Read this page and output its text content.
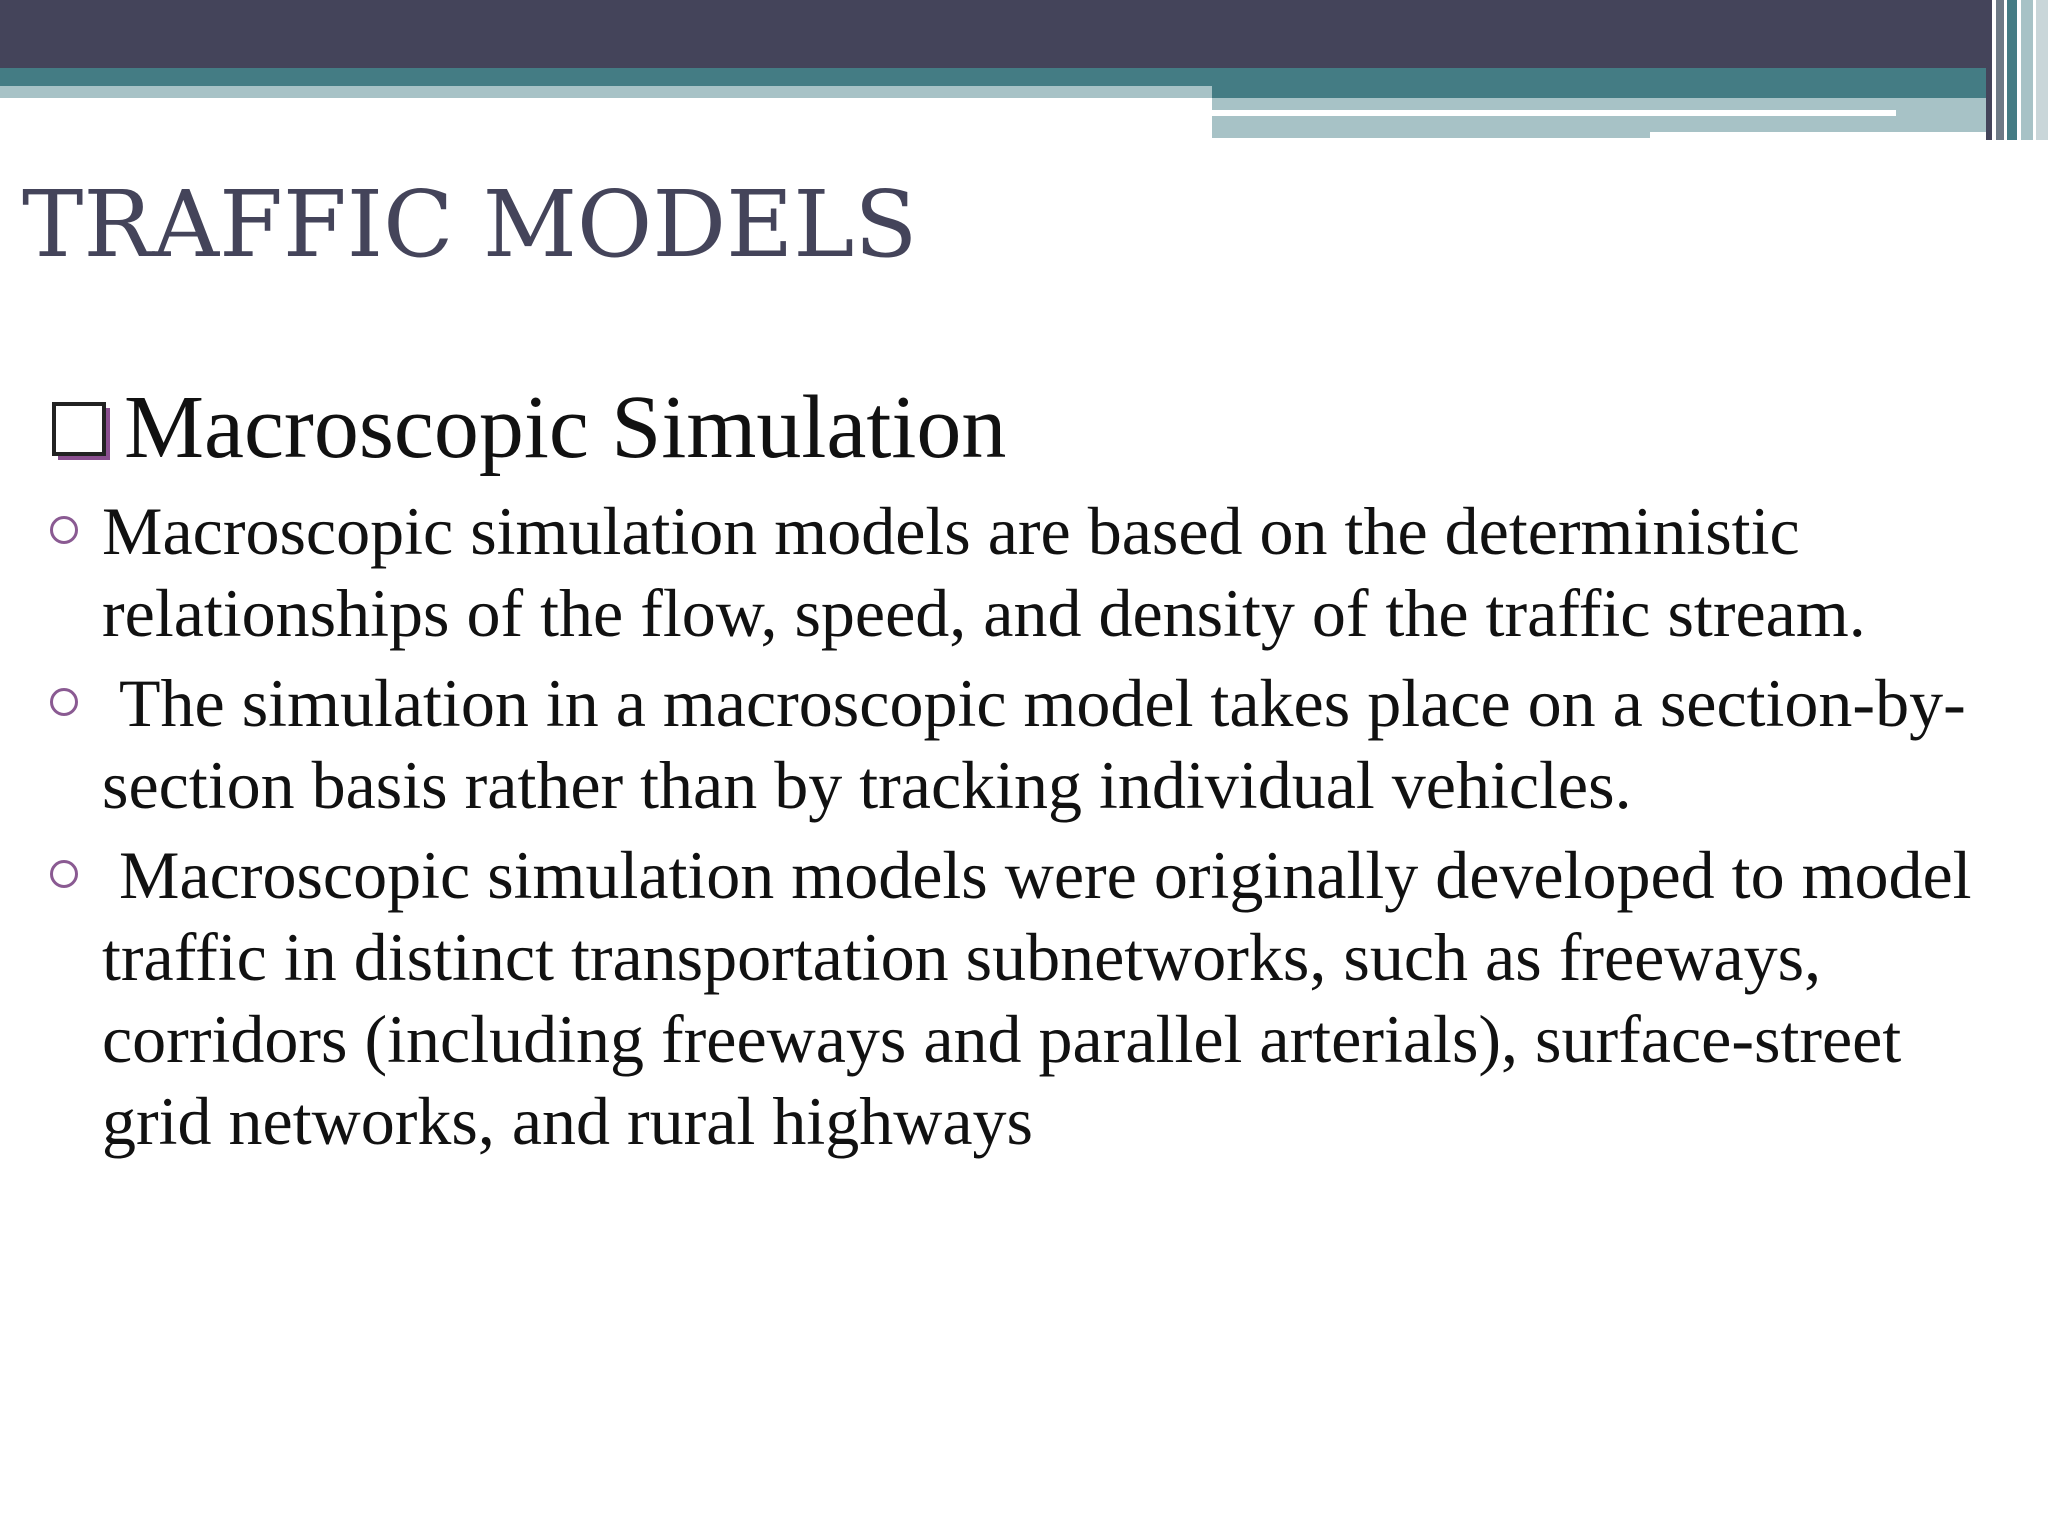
TRAFFIC MODELS
Macroscopic Simulation
Macroscopic simulation models are based on the deterministic relationships of the flow, speed, and density of the traffic stream.
The simulation in a macroscopic model takes place on a section-by-section basis rather than by tracking individual vehicles.
Macroscopic simulation models were originally developed to model traffic in distinct transportation subnetworks, such as freeways, corridors (including freeways and parallel arterials), surface-street grid networks, and rural highways
